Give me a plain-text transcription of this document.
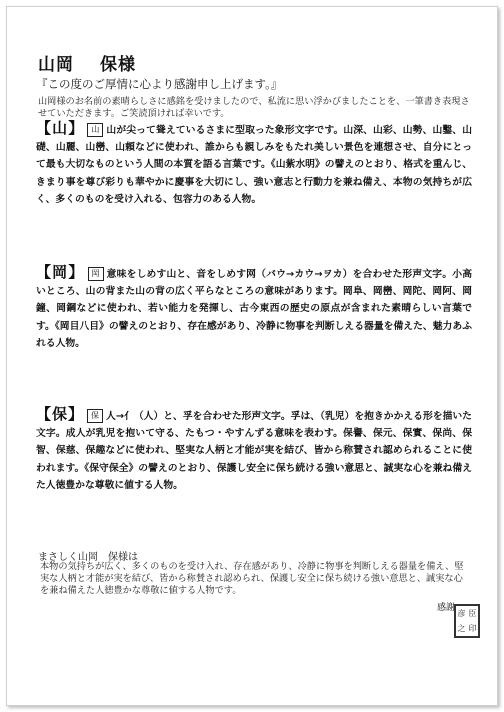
山岡 保様
『この度のご厚情に心より感謝申し上げます。』
山岡様のお名前の素晴らしさに感銘を受けましたので、私流に思い浮かびましたことを、一筆書き表現させていただきます。ご笑読頂ければ幸いです。
【山】 山 山が尖って聳えているさまに型取った象形文字です。山深、山彩、山勢、山鑿、山礎、山麗、山巒、山頼などに使われ、誰からも親しみをもたれ美しい景色を連想させ、自分にとって最も大切なものという人間の本質を語る言葉です。《山紫水明》の譬えのとおり、格式を重んじ、きまり事を尊び彩りも華やかに慶事を大切にし、強い意志と行動力を兼ね備え、本物の気持ちが広く、多くのものを受け入れる、包容力のある人物。
【岡】 岡 意味をしめす山と、音をしめす网（バウ→カウ→ヲカ）を合わせた形声文字。小高いところ、山の背また山の背の広く平らなところの意味があります。岡阜、岡巒、岡陀、岡阿、岡鐘、岡鋼などに使われ、若い能力を発揮し、古今東西の歴史の原点が含まれた素晴らしい言葉です。《岡目八目》の譬えのとおり、存在感があり、冷静に物事を判断しえる器量を備えた、魅力あふれる人物。
【保】 保 人→亻（人）と、孚を合わせた形声文字。孚は、（乳児）を抱きかかえる形を描いた文字。成人が乳児を抱いて守る、たもつ・やすんずる意味を表わす。保譽、保元、保實、保尚、保智、保慈、保趣などに使われ、堅実な人柄と才能が実を結び、皆から称賛され認められることに使われます。《保守保全》の譬えのとおり、保護し安全に保ち続ける強い意思と、誠実な心を兼ね備えた人徳豊かな尊敬に値する人物。
まさしく山岡　保様は
本物の気持ちが広く、多くのものを受け入れ、存在感があり、冷静に物事を判断しえる器量を備え、堅実な人柄と才能が実を結び、皆から称賛され認められ、保護し安全に保ち続ける強い意思と、誠実な心を兼ね備えた人徳豊かな尊敬に値する人物です。
感謝
彦 臣
之 印
